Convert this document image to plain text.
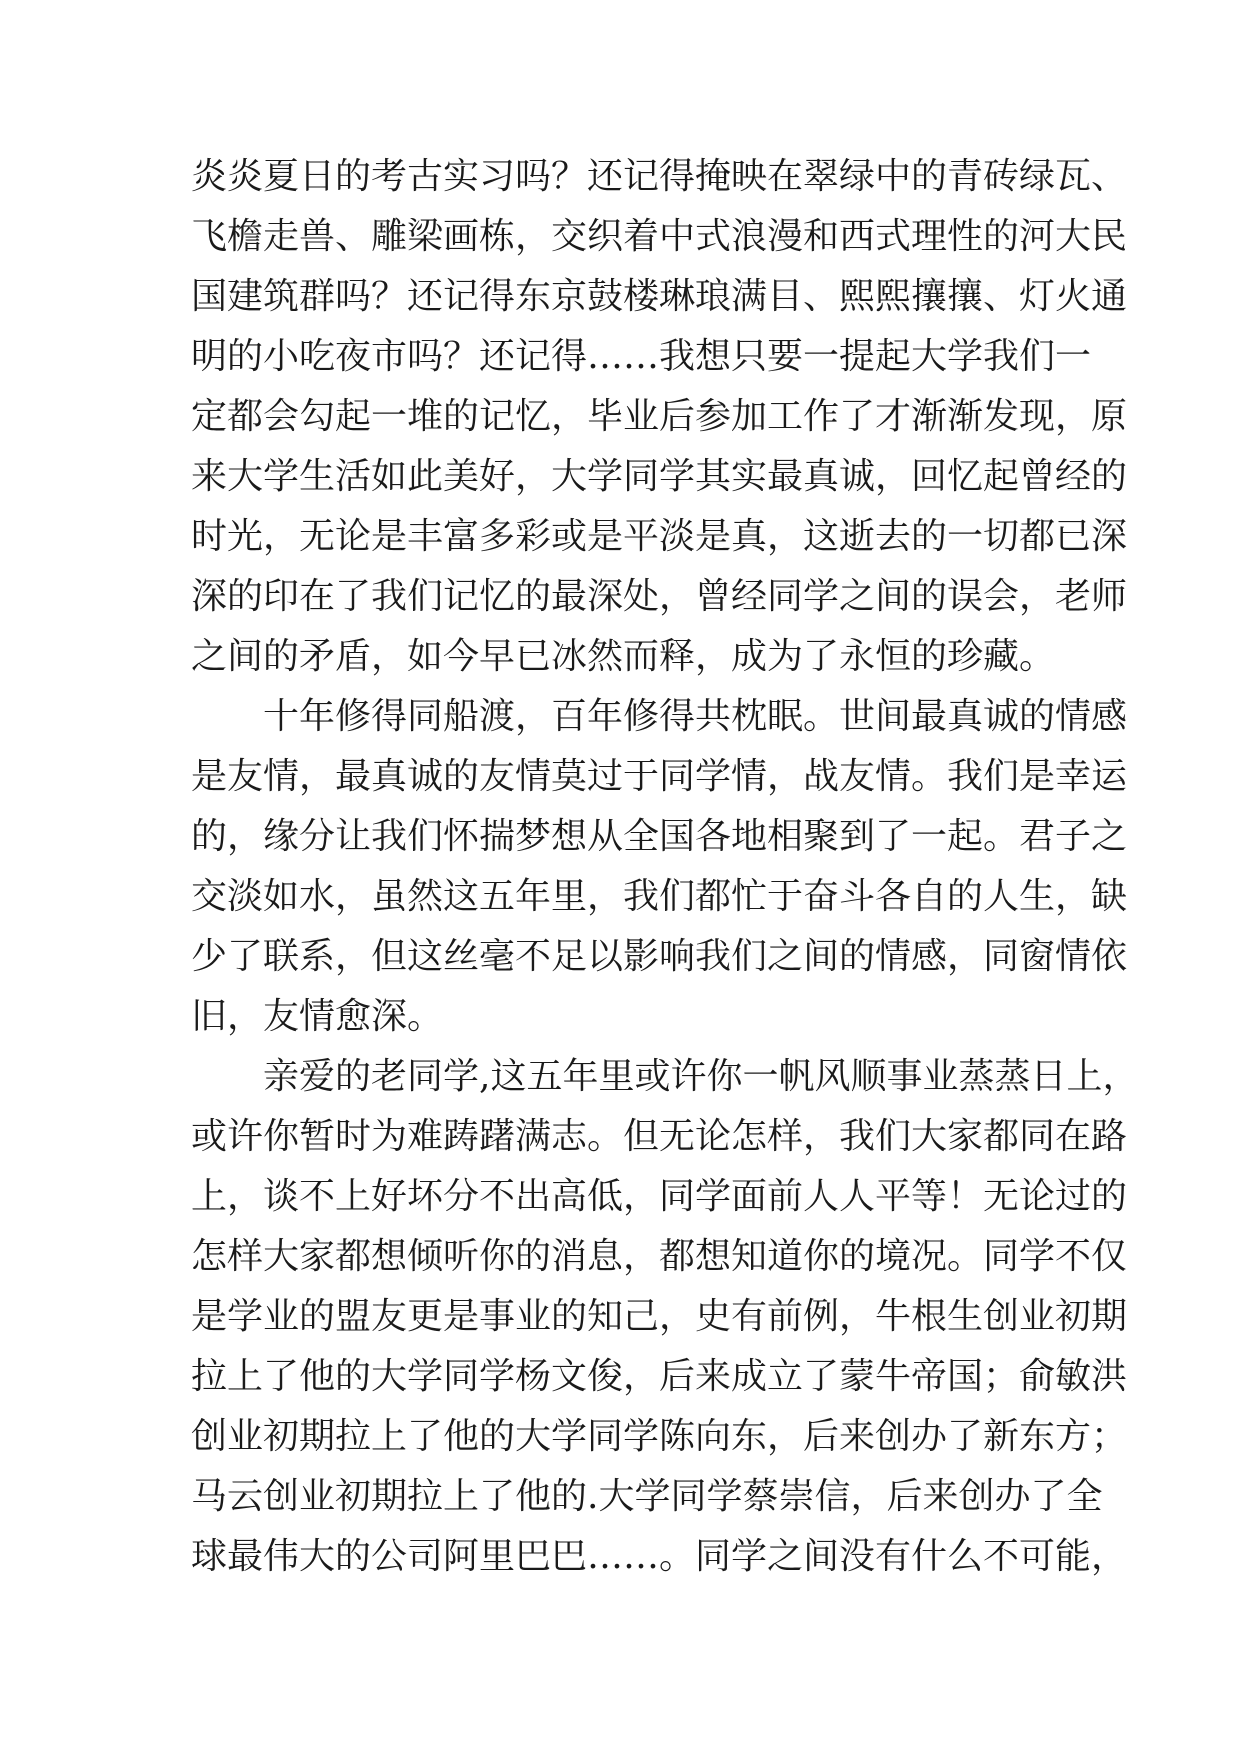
炎炎夏日的考古实习吗？还记得掩映在翠绿中的青砖绿瓦、
飞檐走兽、雕梁画栋，交织着中式浪漫和西式理性的河大民
国建筑群吗？还记得东京鼓楼琳琅满目、熙熙攘攘、灯火通
明的小吃夜市吗？还记得……我想只要一提起大学我们一
定都会勾起一堆的记忆，毕业后参加工作了才渐渐发现，原
来大学生活如此美好，大学同学其实最真诚，回忆起曾经的
时光，无论是丰富多彩或是平淡是真，这逝去的一切都已深
深的印在了我们记忆的最深处，曾经同学之间的误会，老师
之间的矛盾，如今早已冰然而释，成为了永恒的珍藏。
　　十年修得同船渡，百年修得共枕眠。世间最真诚的情感
是友情，最真诚的友情莫过于同学情，战友情。我们是幸运
的，缘分让我们怀揣梦想从全国各地相聚到了一起。君子之
交淡如水，虽然这五年里，我们都忙于奋斗各自的人生，缺
少了联系，但这丝毫不足以影响我们之间的情感，同窗情依
旧，友情愈深。
　　亲爱的老同学,这五年里或许你一帆风顺事业蒸蒸日上，
或许你暂时为难踌躇满志。但无论怎样，我们大家都同在路
上，谈不上好坏分不出高低，同学面前人人平等！无论过的
怎样大家都想倾听你的消息，都想知道你的境况。同学不仅
是学业的盟友更是事业的知己，史有前例，牛根生创业初期
拉上了他的大学同学杨文俊，后来成立了蒙牛帝国；俞敏洪
创业初期拉上了他的大学同学陈向东，后来创办了新东方；
马云创业初期拉上了他的.大学同学蔡崇信，后来创办了全
球最伟大的公司阿里巴巴……。同学之间没有什么不可能，
